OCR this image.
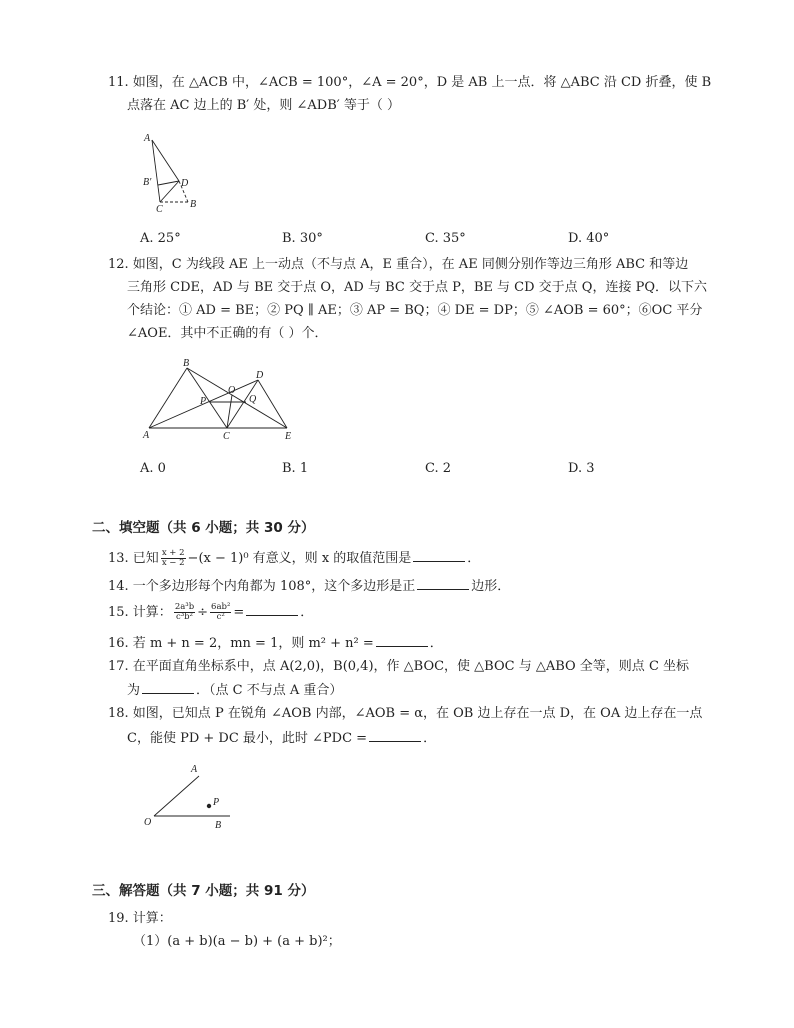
11. 如图，在 △ACB 中，∠ACB = 100°，∠A = 20°，D 是 AB 上一点．将 △ABC 沿 CD 折叠，使 B
点落在 AC 边上的 B′ 处，则 ∠ADB′ 等于（ ）
A
B′	D
C	B
A. 25°	B. 30°	C. 35°	D. 40°
12. 如图，C 为线段 AE 上一动点（不与点 A，E 重合），在 AE 同侧分别作等边三角形 ABC 和等边
三角形 CDE，AD 与 BE 交于点 O，AD 与 BC 交于点 P，BE 与 CD 交于点 Q，连接 PQ．以下六
个结论：① AD = BE；② PQ ∥ AE；③ AP = BQ；④ DE = DP；⑤ ∠AOB = 60°；⑥OC 平分
∠AOE．其中不正确的有（ ）个．
B
O
D
P	Q
A	C	E
A. 0	B. 1	C. 2	D. 3
二、填空题（共 6 小题；共 30 分）
13. 已知 $\frac{x + 2}{x - 2} -(x - 1)^0$ 有意义，则 x 的取值范围是	．
14. 一个多边形每个内角都为 108°，这个多边形是正	边形．
15. 计算： $\frac{\text{2a³b}}{\text{c³b²}} \div \frac{\text{6ab²}}{\text{c²}}$ =	．
16. 若 m + n = 2，mn = 1，则 m² + n² =	．
17. 在平面直角坐标系中，点 A(2,0)，B(0,4)，作 △BOC，使 △BOC 与 △ABO 全等，则点 C 坐标
为	．（点 C 不与点 A 重合）
18. 如图，已知点 P 在锐角 ∠AOB 内部，∠AOB = α，在 OB 边上存在一点 D，在 OA 边上存在一点
C，能使 PD + DC 最小，此时 ∠PDC =	．
A
P
O	B
三、解答题（共 7 小题；共 91 分）
19. 计算：
（1）(a + b)(a − b) + (a + b)²；
